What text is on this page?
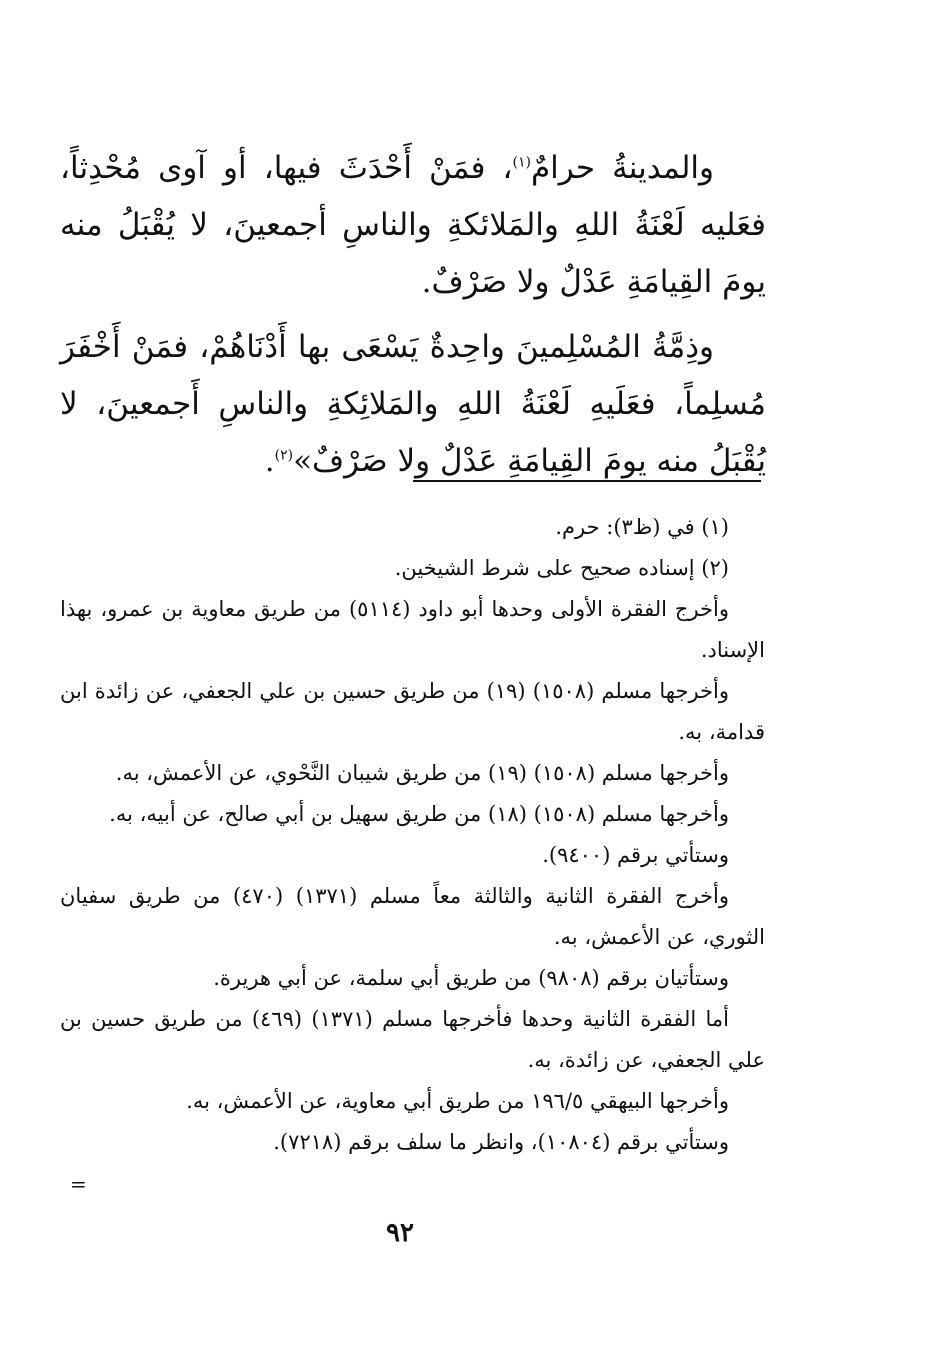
والمدينةُ حرامٌ$^{(١)}$، فمَنْ أَحْدَثَ فيها، أو آوى مُحْدِثاً، فعَليه لَعْنَةُ اللهِ والمَلائكةِ والناسِ أجمعينَ، لا يُقْبَلُ منه يومَ القِيامَةِ عَدْلٌ ولا صَرْفٌ.

وذِمَّةُ المُسْلِمينَ واحِدةٌ يَسْعَى بها أَدْنَاهُمْ، فمَنْ أَخْفَرَ مُسلِماً، فعَلَيهِ لَعْنَةُ اللهِ والمَلائِكةِ والناسِ أَجمعينَ، لا يُقْبَلُ منه يومَ القِيامَةِ عَدْلٌ ولا صَرْفٌ»$^{(٢)}$.

(١) في (ظ٣): حرم.

(٢) إسناده صحيح على شرط الشيخين.

وأخرج الفقرة الأولى وحدها أبو داود (٥١١٤) من طريق معاوية بن عمرو، بهذا الإسناد.

وأخرجها مسلم (١٥٠٨) (١٩) من طريق حسين بن علي الجعفي، عن زائدة ابن قدامة، به.

وأخرجها مسلم (١٥٠٨) (١٩) من طريق شيبان النَّحْوي، عن الأعمش، به.

وأخرجها مسلم (١٥٠٨) (١٨) من طريق سهيل بن أبي صالح، عن أبيه، به.

وستأتي برقم (٩٤٠٠).

وأخرج الفقرة الثانية والثالثة معاً مسلم (١٣٧١) (٤٧٠) من طريق سفيان الثوري، عن الأعمش، به.

وستأتيان برقم (٩٨٠٨) من طريق أبي سلمة، عن أبي هريرة.

أما الفقرة الثانية وحدها فأخرجها مسلم (١٣٧١) (٤٦٩) من طريق حسين بن علي الجعفي، عن زائدة، به.

وأخرجها البيهقي ١٩٦/٥ من طريق أبي معاوية، عن الأعمش، به.

وستأتي برقم (١٠٨٠٤)، وانظر ما سلف برقم (٧٢١٨).

=
٩٢
